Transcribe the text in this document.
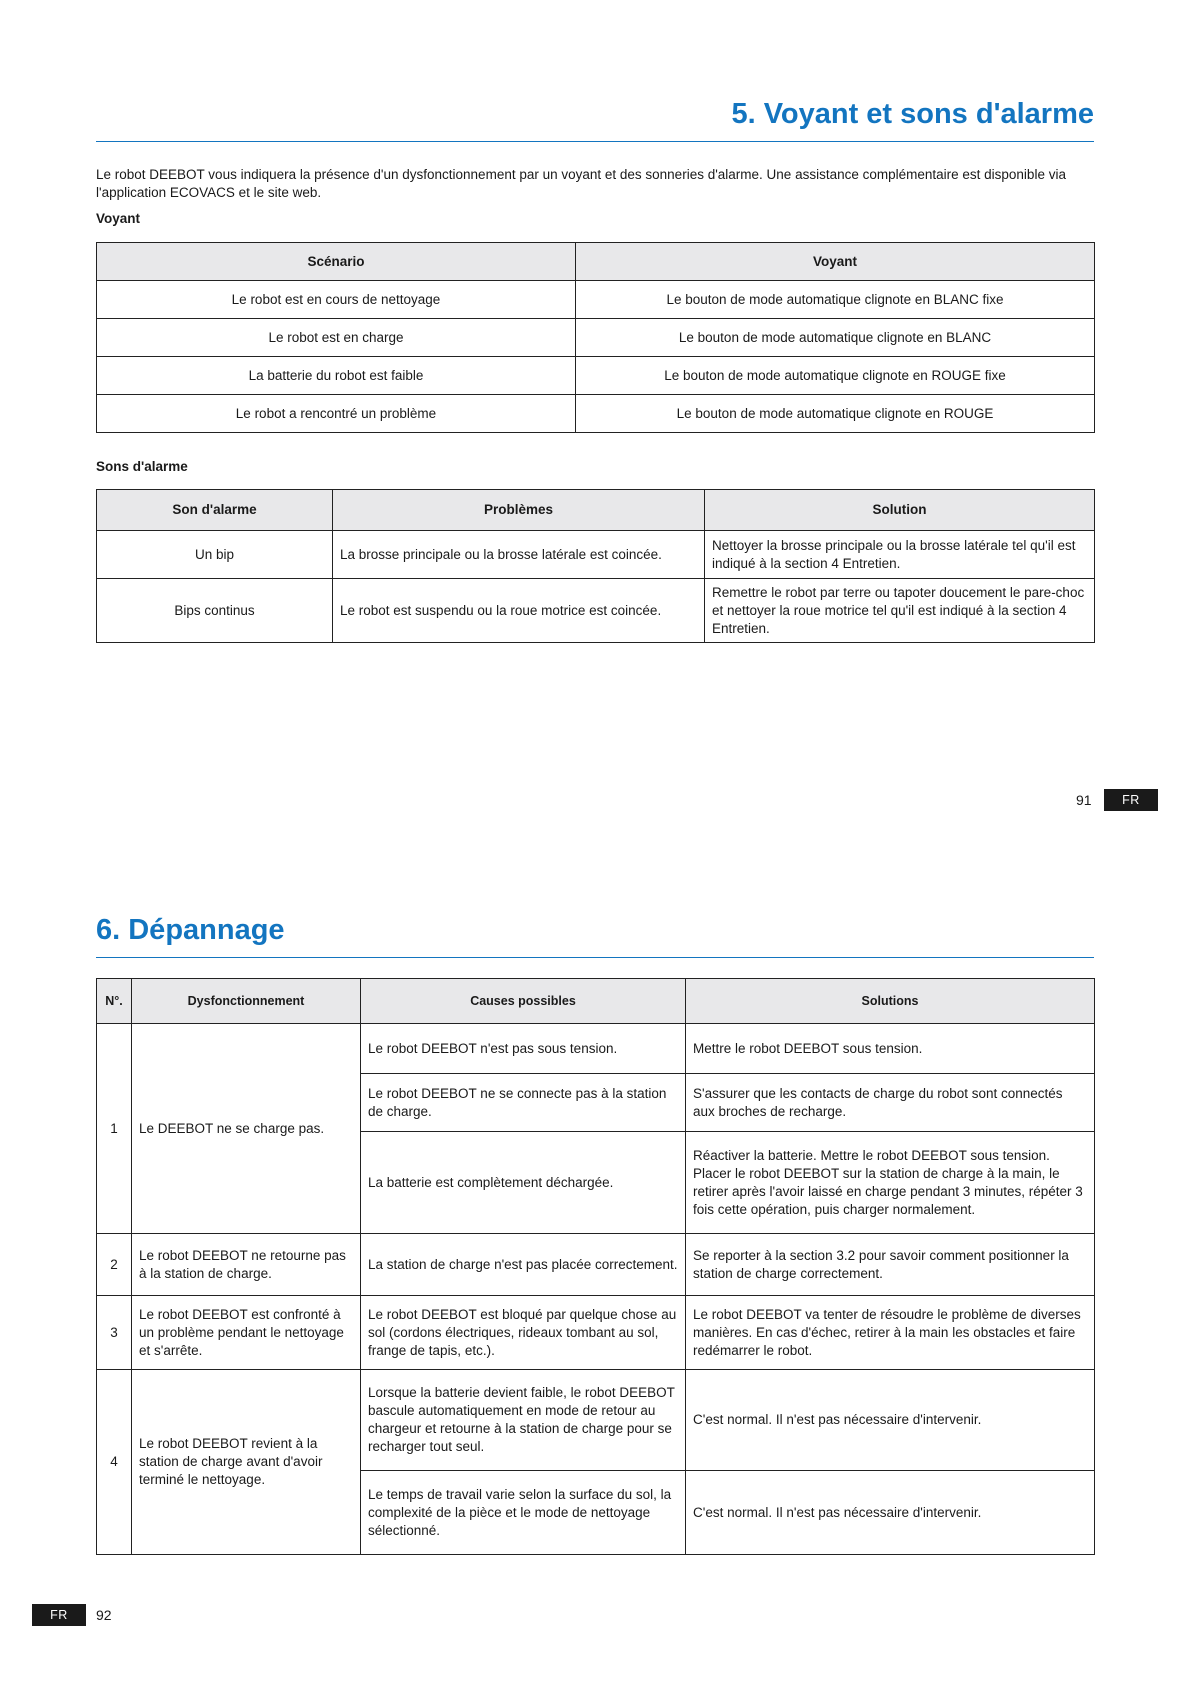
5. Voyant et sons d'alarme

Le robot DEEBOT vous indiquera la présence d'un dysfonctionnement par un voyant et des sonneries d'alarme. Une assistance complémentaire est disponible via l'application ECOVACS et le site web.

Voyant

Scénario	Voyant
Le robot est en cours de nettoyage	Le bouton de mode automatique clignote en BLANC fixe
Le robot est en charge	Le bouton de mode automatique clignote en BLANC
La batterie du robot est faible	Le bouton de mode automatique clignote en ROUGE fixe
Le robot a rencontré un problème	Le bouton de mode automatique clignote en ROUGE

Sons d'alarme

Son d'alarme	Problèmes	Solution
Un bip	La brosse principale ou la brosse latérale est coincée.	Nettoyer la brosse principale ou la brosse latérale tel qu'il est indiqué à la section 4 Entretien.
Bips continus	Le robot est suspendu ou la roue motrice est coincée.	Remettre le robot par terre ou tapoter doucement le pare-choc et nettoyer la roue motrice tel qu'il est indiqué à la section 4 Entretien.
91	FR
6. Dépannage
N°.	Dysfonctionnement	Causes possibles	Solutions
1	Le DEEBOT ne se charge pas.	Le robot DEEBOT n'est pas sous tension.	Mettre le robot DEEBOT sous tension.
		Le robot DEEBOT ne se connecte pas à la station de charge.	S'assurer que les contacts de charge du robot sont connectés aux broches de recharge.
		La batterie est complètement déchargée.	Réactiver la batterie. Mettre le robot DEEBOT sous tension. Placer le robot DEEBOT sur la station de charge à la main, le retirer après l'avoir laissé en charge pendant 3 minutes, répéter 3 fois cette opération, puis charger normalement.
2	Le robot DEEBOT ne retourne pas à la station de charge.	La station de charge n'est pas placée correctement.	Se reporter à la section 3.2 pour savoir comment positionner la station de charge correctement.
3	Le robot DEEBOT est confronté à un problème pendant le nettoyage et s'arrête.	Le robot DEEBOT est bloqué par quelque chose au sol (cordons électriques, rideaux tombant au sol, frange de tapis, etc.).	Le robot DEEBOT va tenter de résoudre le problème de diverses manières. En cas d'échec, retirer à la main les obstacles et faire redémarrer le robot.
4	Le robot DEEBOT revient à la station de charge avant d'avoir terminé le nettoyage.	Lorsque la batterie devient faible, le robot DEEBOT bascule automatiquement en mode de retour au chargeur et retourne à la station de charge pour se recharger tout seul.	C'est normal. Il n'est pas nécessaire d'intervenir.
		Le temps de travail varie selon la surface du sol, la complexité de la pièce et le mode de nettoyage sélectionné.	C'est normal. Il n'est pas nécessaire d'intervenir.
FR	92
